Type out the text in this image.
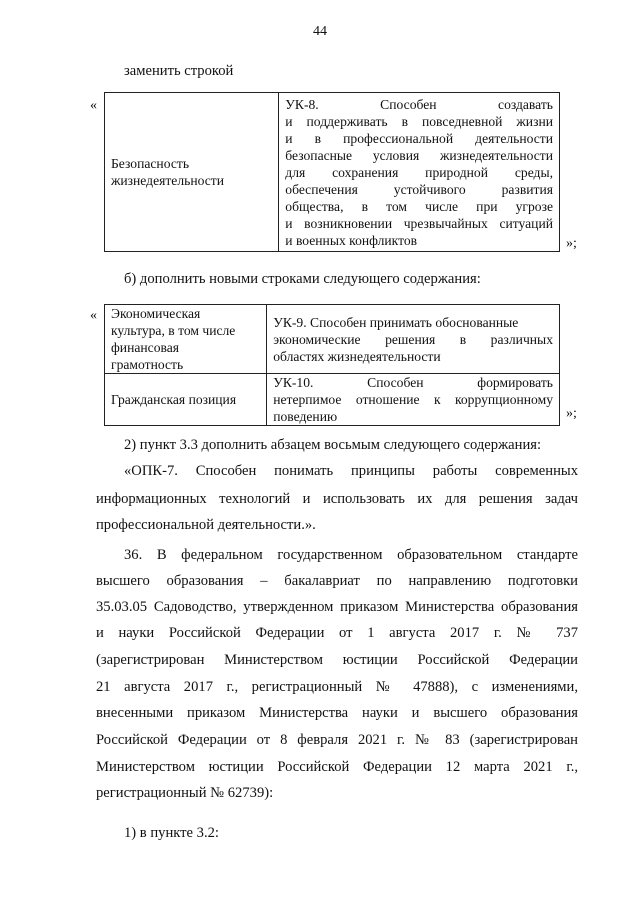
44
заменить строкой
«
Безопасность жизнедеятельности	
УК-8. Способен создавать
и поддерживать в повседневной жизни
и в профессиональной деятельности
безопасные условия жизнедеятельности
для сохранения природной среды,
обеспечения устойчивого развития
общества, в том числе при угрозе
и возникновении чрезвычайных ситуаций
и военных конфликтов	»;
б) дополнить новыми строками следующего содержания:
« Экономическая
культура, в том числе
финансовая
грамотность	УК-9. Способен принимать обоснованные
экономические решения в различных
областях жизнедеятельности

Гражданская позиция	УК-10. Способен формировать
нетерпимое отношение к коррупционному
поведению	»;
2) пункт 3.3 дополнить абзацем восьмым следующего содержания:
«ОПК-7. Способен понимать принципы работы современных
информационных технологий и использовать их для решения задач
профессиональной деятельности.».
36. В федеральном государственном образовательном стандарте
высшего образования – бакалавриат по направлению подготовки
35.03.05 Садоводство, утвержденном приказом Министерства образования
и науки Российской Федерации от 1 августа 2017 г. № 737
(зарегистрирован Министерством юстиции Российской Федерации
21 августа 2017 г., регистрационный № 47888), с изменениями,
внесенными приказом Министерства науки и высшего образования
Российской Федерации от 8 февраля 2021 г. № 83 (зарегистрирован
Министерством юстиции Российской Федерации 12 марта 2021 г.,
регистрационный № 62739):
1) в пункте 3.2:
